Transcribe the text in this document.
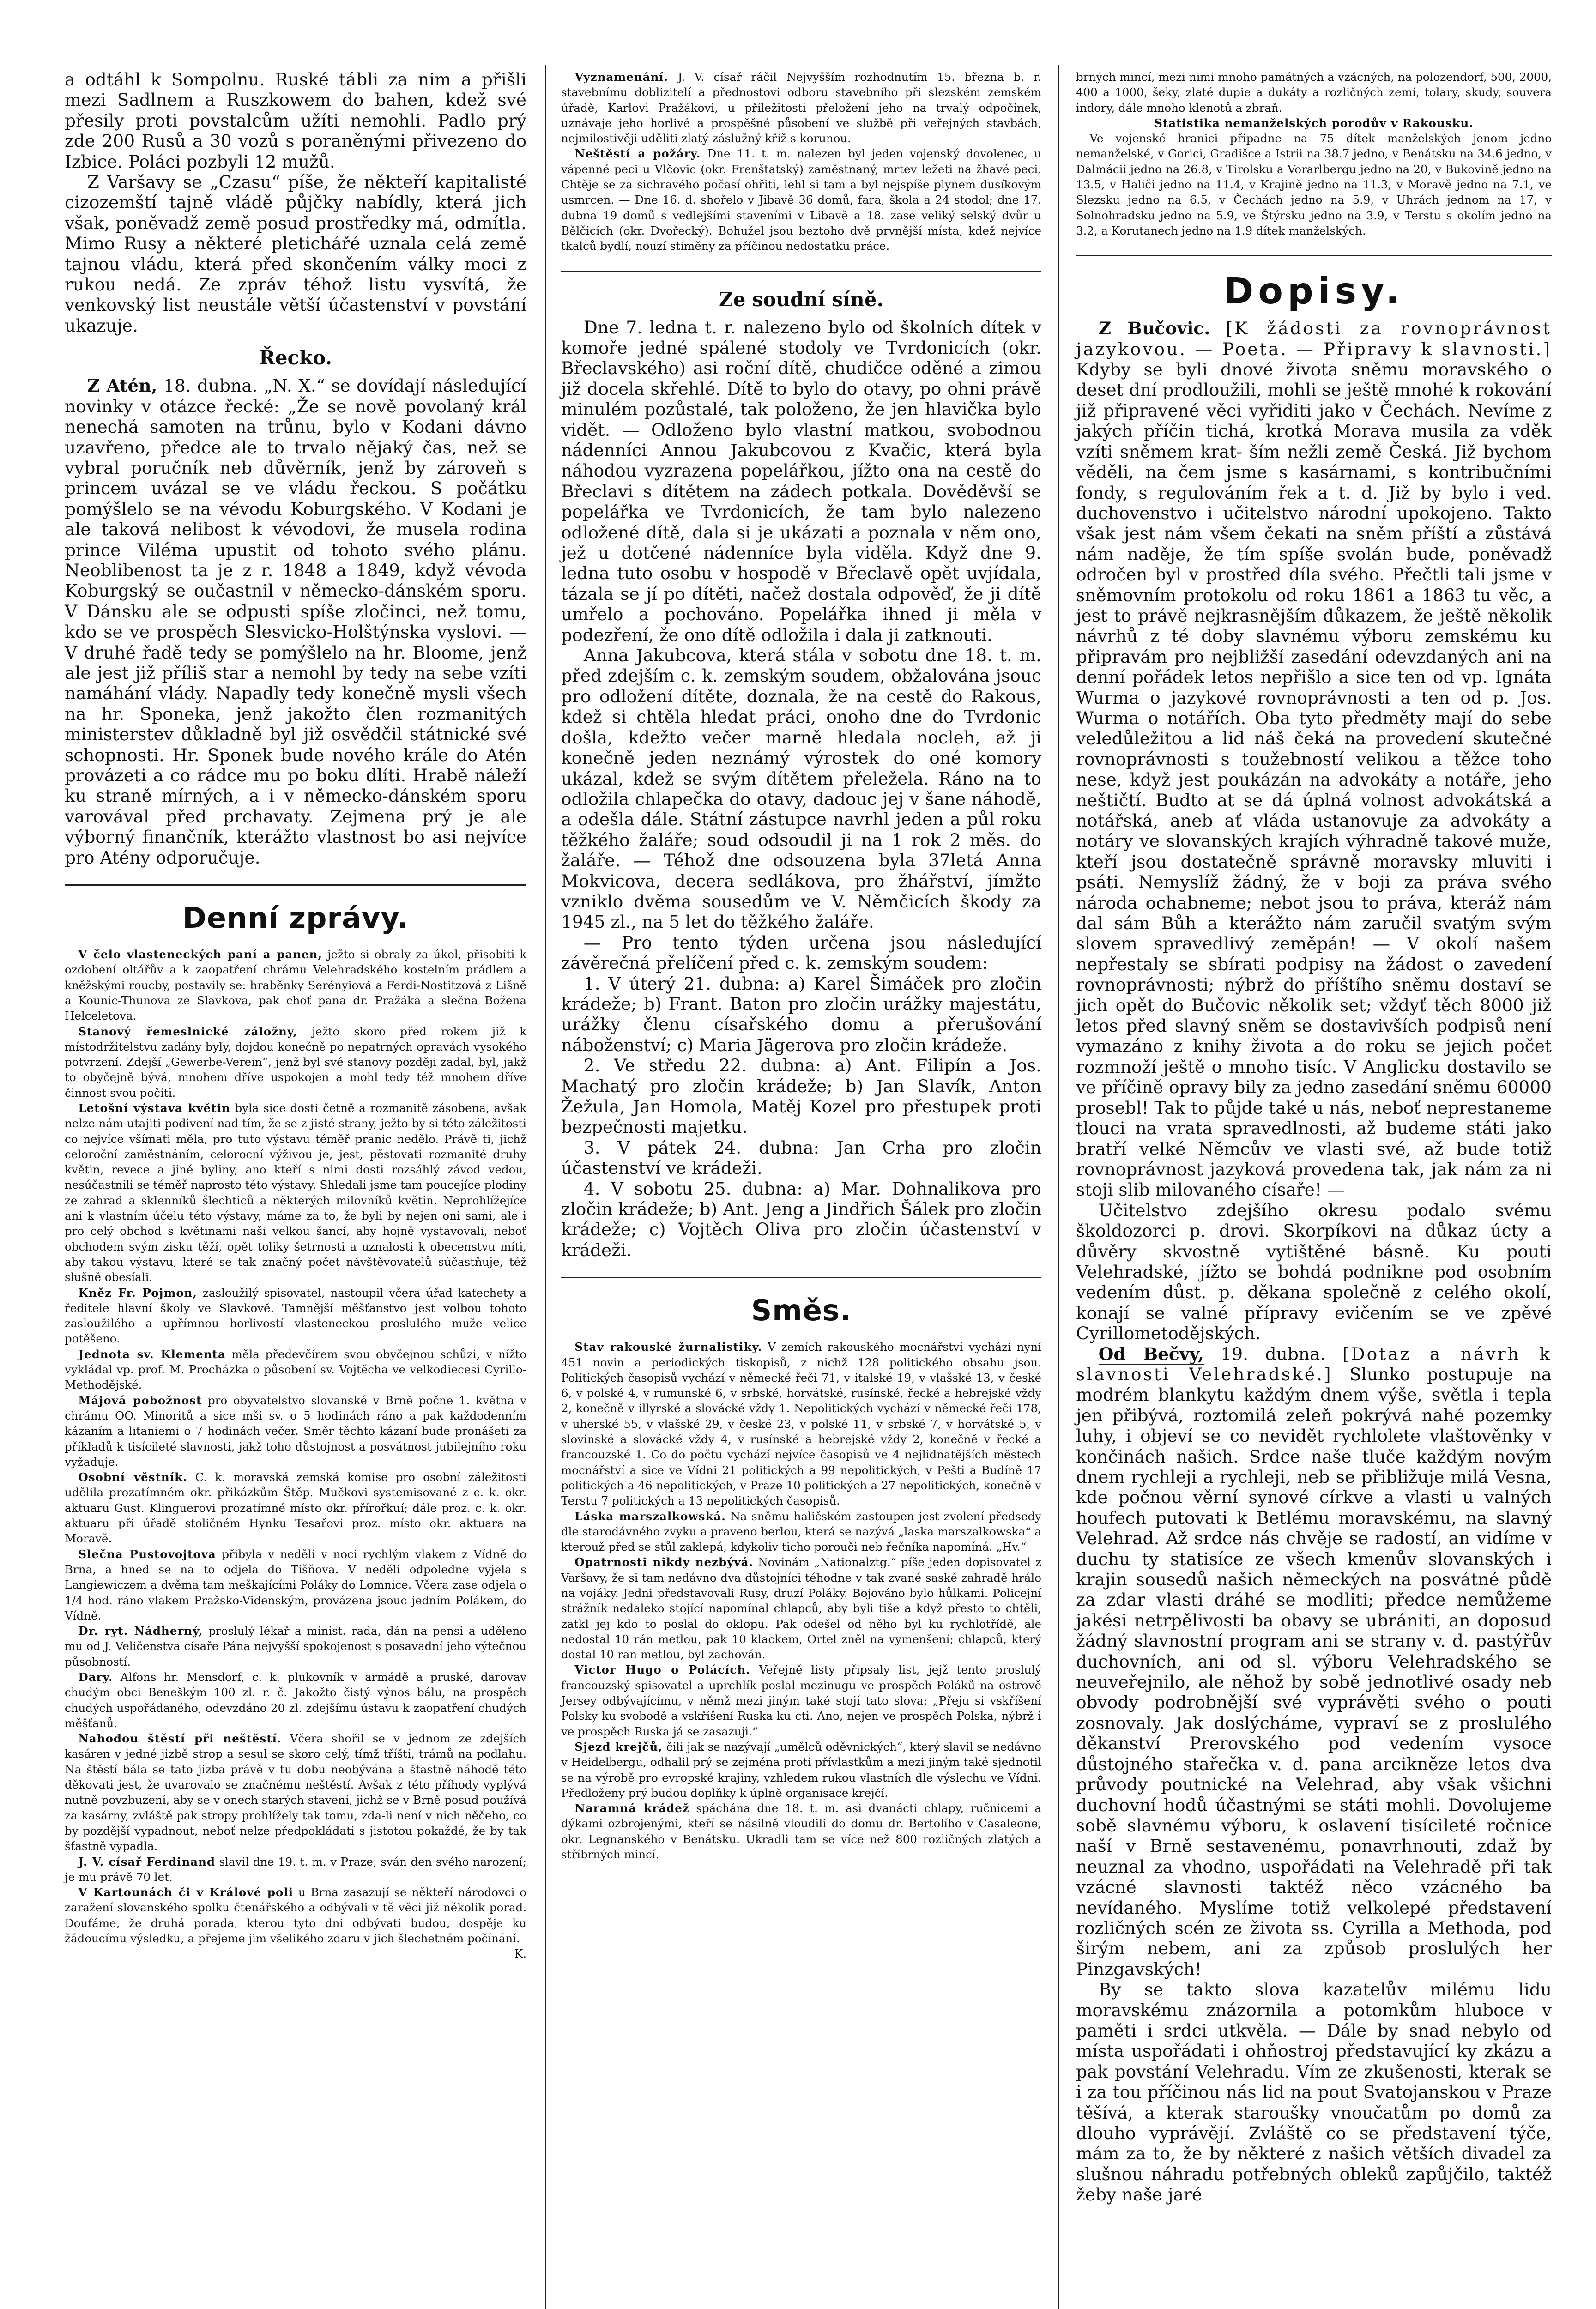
a odtáhl k Sompolnu. Ruské tábli za nim a přišli mezi Sadlnem a Ruszkowem do bahen, kdež své přesily proti povstalcům užíti nemohli. Padlo prý zde 200 Rusů a 30 vozů s poraněnými přivezeno do Izbice. Poláci pozbyli 12 mužů.

Z Varšavy se „Czasu“ píše, že někteří kapitalisté cizozemští tajně vládě půjčky nabídly, která jich však, poněvadž země posud prostředky má, odmítla. Mimo Rusy a některé pletichářé uznala celá země tajnou vládu, která před skončením války moci z rukou nedá. Ze zpráv téhož listu vysvítá, že venkovský list neustále větší účastenství v povstání ukazuje.

Řecko.

Z Atén, 18. dubna. „N. X.“ se dovídají následující novinky v otázce řecké: „Že se nově povolaný král nenechá samoten na trůnu, bylo v Kodani dávno uzavřeno, předce ale to trvalo nějaký čas, než se vybral poručník neb důvěrník, jenž by zároveň s princem uvázal se ve vládu řeckou. S počátku pomýšlelo se na vévodu Koburgského. V Kodani je ale taková nelibost k vévodovi, že musela rodina prince Viléma upustit od tohoto svého plánu. Neoblibenost ta je z r. 1848 a 1849, když vévoda Koburgský se oučastnil v německo-dánském sporu. V Dánsku ale se odpusti spíše zločinci, než tomu, kdo se ve prospěch Slesvicko-Holštýnska vyslovi. — V druhé řadě tedy se pomýšlelo na hr. Bloome, jenž ale jest již příliš star a nemohl by tedy na sebe vzíti namáhání vlády. Napadly tedy konečně mysli všech na hr. Sponeka, jenž jakožto člen rozmanitých ministerstev důkladně byl již osvědčil státnické své schopnosti. Hr. Sponek bude nového krále do Atén provázeti a co rádce mu po boku dlíti. Hrabě náleží ku straně mírných, a i v německo-dánském sporu varovával před prchavaty. Zejmena prý je ale výborný finančník, kterážto vlastnost bo asi nejvíce pro Atény odporučuje.

Denní zprávy.

V čelo vlasteneckých paní a panen, ježto si obraly za úkol, přisobiti k ozdobení oltářův a k zaopatření chrámu Velehradského kostelním prádlem a kněžskými roucby, postavily se: hraběnky Serényiová a Ferdi-Nostitzová z Lišně a Kounic-Thunova ze Slavkova, pak choť pana dr. Pražáka a slečna Božena Helceletova.

Stanový řemeslnické záložny, ježto skoro před rokem již k místodržitelstvu zadány byly, dojdou konečně po nepatrných opravách vysokého potvrzení. Zdejší „Gewerbe-Verein“, jenž byl své stanovy později zadal, byl, jakž to obyčejně bývá, mnohem dříve uspokojen a mohl tedy též mnohem dříve činnost svou počíti.

Letošní výstava květin byla sice dosti četně a rozmanitě zásobena, avšak nelze nám utajiti podivení nad tím, že se z jisté strany, ježto by si této záležitosti co nejvíce všímati měla, pro tuto výstavu téměř pranic nedělo. Právě ti, jichž celoroční zaměstnáním, celorocní výživou je, jest, pěstovati rozmanité druhy květin, revece a jiné byliny, ano kteří s nimi dosti rozsáhlý závod vedou, nesúčastnili se téměř naprosto této výstavy. Shledali jsme tam poucejíce plodiny ze zahrad a sklenníků šlechticů a některých milovníků květin. Neprohlížejíce ani k vlastním účelu této výstavy, máme za to, že byli by nejen oni sami, ale i pro celý obchod s květinami naši velkou šancí, aby hojně vystavovali, neboť obchodem svým zisku těží, opět toliky šetrnosti a uznalosti k obecenstvu míti, aby takou výstavu, které se tak značný počet návštěvovatelů súčastňuje, též slušně obesíali.

Kněz Fr. Pojmon, zasloužilý spisovatel, nastoupil včera úřad katechety a ředitele hlavní školy ve Slavkově. Tamnější měšťanstvo jest volbou tohoto zasloužilého a upřímnou horlivostí vlasteneckou proslulého muže velice potěšeno.

Jednota sv. Klementa měla předevčírem svou obyčejnou schůzi, v nížto vykládal vp. prof. M. Procházka o působení sv. Vojtěcha ve velkodiecesi Cyrillo-Methodějské.

Májová pobožnost pro obyvatelstvo slovanské v Brně počne 1. května v chrámu OO. Minoritů a sice mši sv. o 5 hodinách ráno a pak každodenním kázaním a litaniemi o 7 hodinách večer. Směr těchto kázaní bude pronášeti za příkladů k tisícileté slavnosti, jakž toho důstojnost a posvátnost jubilejního roku vyžaduje.

Osobní věstník. C. k. moravská zemská komise pro osobní záležitosti udělila prozatímném okr. přikázkům Štěp. Mučkovi systemisované z c. k. okr. aktuaru Gust. Klinguerovi prozatímné místo okr. přírořkuí; dále proz. c. k. okr. aktuaru při úřadě stoličném Hynku Tesařovi proz. místo okr. aktuara na Moravě.

Slečna Pustovojtova přibyla v neděli v noci rychlým vlakem z Vídně do Brna, a hned se na to odjela do Tišňova. V neděli odpoledne vyjela s Langiewiczem a dvěma tam meškajícími Poláky do Lomnice. Včera zase odjela o 1/4 hod. ráno vlakem Pražsko-Videnským, provázena jsouc jedním Polákem, do Vídně.

Dr. ryt. Nádherný, proslulý lékař a minist. rada, dán na pensi a uděleno mu od J. Veličenstva císaře Pána nejvyšší spokojenost s posavadní jeho výtečnou působností.

Dary. Alfons hr. Mensdorf, c. k. plukovník v armádě a pruské, darovav chudým obci Beneškým 100 zl. r. č. Jakožto čistý výnos bálu, na prospěch chudých uspořádaného, odevzdáno 20 zl. zdejšímu ústavu k zaopatření chudých měšťanů.

Nahodou štěstí při neštěstí. Včera shořil se v jednom ze zdejších kasáren v jedné jizbě strop a sesul se skoro celý, tímž tříšti, trámů na podlahu. Na štěstí bála se tato jizba právě v tu dobu neobývána a štastně náhodě této děkovati jest, že uvarovalo se značnému neštěstí. Avšak z této příhody vyplývá nutně povzbuzení, aby se v onech starých stavení, jichž se v Brně posud používá za kasárny, zvláště pak stropy prohlížely tak tomu, zda-li není v nich něčeho, co by pozdější vypadnout, neboť nelze předpokládati s jistotou pokaždé, že by tak šťastně vypadla.

J. V. císař Ferdinand slavil dne 19. t. m. v Praze, sván den svého narození; je mu právě 70 let.

V Kartounách či v Králové poli u Brna zasazují se někteří národovci o zaražení slovanského spolku čtenářského a odbývali v tě věci již několik porad. Doufáme, že druhá porada, kterou tyto dni odbývati budou, dospěje ku žádoucímu výsledku, a přejeme jim všelikého zdaru v jich šlechetném počínání.

K.

Vyznamenání. J. V. císař ráčil Nejvyšším rozhodnutím 15. března b. r. stavebnímu doblizitelí a přednostovi odboru stavebního při slezském zemském úřadě, Karlovi Pražákovi, u příležitosti přeložení jeho na trvalý odpočinek, uznávaje jeho horlivé a prospěšné působení ve službě při veřejných stavbách, nejmilostivěji uděliti zlatý záslužný kříž s korunou.

Neštěstí a požáry. Dne 11. t. m. nalezen byl jeden vojenský dovolenec, u vápenné peci u Vlčovic (okr. Frenštatský) zaměstnaný, mrtev ležeti na žhavé peci. Chtěje se za sichravého počasí ohřiti, lehl si tam a byl nejspíše plynem dusíkovým usmrcen. — Dne 16. d. shořelo v Jibavě 36 domů, fara, škola a 24 stodol; dne 17. dubna 19 domů s vedlejšími staveními v Libavě a 18. zase veliký selský dvůr u Bělčicích (okr. Dvořecký). Bohužel jsou beztoho dvě prvnější místa, kdež nejvíce tkalců bydlí, nouzí stíměny za příčinou nedostatku práce.

Ze soudní síně.

Dne 7. ledna t. r. nalezeno bylo od školních dítek v komoře jedné spálené stodoly ve Tvrdonicích (okr. Břeclavského) asi roční dítě, chudičce oděné a zimou již docela skřehlé. Dítě to bylo do otavy, po ohni právě minulém pozůstalé, tak položeno, že jen hlavička bylo vidět. — Odloženo bylo vlastní matkou, svobodnou nádenníci Annou Jakubcovou z Kvačic, která byla náhodou vyzrazena popelářkou, jížto ona na cestě do Břeclavi s dítětem na zádech potkala. Dověděvší se popelářka ve Tvrdonicích, že tam bylo nalezeno odložené dítě, dala si je ukázati a poznala v něm ono, jež u dotčené nádenníce byla viděla. Když dne 9. ledna tuto osobu v hospodě v Břeclavě opět uvjídala, tázala se jí po dítěti, načež dostala odpověď, že ji dítě umřelo a pochováno. Popelářka ihned ji měla v podezření, že ono dítě odložila i dala ji zatknouti.

Anna Jakubcova, která stála v sobotu dne 18. t. m. před zdejším c. k. zemským soudem, obžalována jsouc pro odložení dítěte, doznala, že na cestě do Rakous, kdež si chtěla hledat práci, onoho dne do Tvrdonic došla, kdežto večer marně hledala nocleh, až ji konečně jeden neznámý výrostek do oné komory ukázal, kdež se svým dítětem přeležela. Ráno na to odložila chlapečka do otavy, dadouc jej v šane náhodě, a odešla dále. Státní zástupce navrhl jeden a půl roku těžkého žaláře; soud odsoudil ji na 1 rok 2 měs. do žaláře. — Téhož dne odsouzena byla 37letá Anna Mokvicova, decera sedlákova, pro žhářství, jímžto vzniklo dvěma sousedům ve V. Němčicích škody za 1945 zl., na 5 let do těžkého žaláře.

— Pro tento týden určena jsou následující závěrečná přelíčení před c. k. zemským soudem:

1. V úterý 21. dubna: a) Karel Šimáček pro zločin krádeže; b) Frant. Baton pro zločin urážky majestátu, urážky členu císařského domu a přerušování náboženství; c) Maria Jägerova pro zločin krádeže.

2. Ve středu 22. dubna: a) Ant. Filipín a Jos. Machatý pro zločin krádeže; b) Jan Slavík, Anton Žežula, Jan Homola, Matěj Kozel pro přestupek proti bezpečnosti majetku.

3. V pátek 24. dubna: Jan Crha pro zločin účastenství ve krádeži.

4. V sobotu 25. dubna: a) Mar. Dohnalikova pro zločin krádeže; b) Ant. Jeng a Jindřich Šálek pro zločin krádeže; c) Vojtěch Oliva pro zločin účastenství v krádeži.

Směs.

Stav rakouské žurnalistiky. V zemích rakouského mocnářství vychází nyní 451 novin a periodických tiskopisů, z nichž 128 politického obsahu jsou. Politických časopisů vychází v německé řeči 71, v italské 19, v vlašské 13, v české 6, v polské 4, v rumunské 6, v srbské, horvátské, rusínské, řecké a hebrejské vždy 2, konečně v illyrské a slovácké vždy 1. Nepolitických vychází v německé řeči 178, v uherské 55, v vlašské 29, v české 23, v polské 11, v srbské 7, v horvátské 5, v slovinské a slovácké vždy 4, v rusínské a hebrejské vždy 2, konečně v řecké a francouzské 1. Co do počtu vychází nejvíce časopisů ve 4 nejlidnatějších městech mocnářství a sice ve Vídni 21 politických a 99 nepolitických, v Pešti a Budíně 17 politických a 46 nepolitických, v Praze 10 politických a 27 nepolitických, konečně v Terstu 7 politických a 13 nepolitických časopisů.

Láska marszalkowská. Na sněmu haličském zastoupen jest zvolení předsedy dle starodávného zvyku a praveno berlou, která se nazývá „laska marszalkowska“ a kterouž před se stůl zaklepá, kdykoliv ticho porouči neb řečníka napomíná. „Hv.“

Opatrnosti nikdy nezbývá. Novinám „Nationalztg.“ píše jeden dopisovatel z Varšavy, že si tam nedávno dva důstojníci téhodne v tak zvané saské zahradě hrálo na vojáky. Jedni představovali Rusy, druzí Poláky. Bojováno bylo hůlkami. Policejní strážník nedaleko stojící napomínal chlapců, aby byli tiše a když přesto to chtěli, zatkl jej kdo to poslal do oklopu. Pak odešel od něho byl ku rychlotřídě, ale nedostal 10 rán metlou, pak 10 klackem, Ortel zněl na vymenšení; chlapců, který dostal 10 ran metlou, byl zachován.

Victor Hugo o Polácích. Veřejně listy připsaly list, jejž tento proslulý francouzský spisovatel a uprchlík poslal mezinugu ve prospěch Poláků na ostrově Jersey odbývajícímu, v němž mezi jiným také stojí tato slova: „Přeju si vskříšení Polsky ku svobodě a vskříšení Ruska ku cti. Ano, nejen ve prospěch Polska, nýbrž i ve prospěch Ruska já se zasazuji.“

Sjezd krejčů, čili jak se nazývají „umělců oděvnických“, který slavil se nedávno v Heidelbergu, odhalil prý se zejména proti přívlastkům a mezi jiným také sjednotil se na výrobě pro evropské krajiny, vzhledem rukou vlastních dle výslechu ve Vídni. Předloženy prý budou doplňky k úplně organisace krejčí.

Naramná krádež spáchána dne 18. t. m. asi dvanácti chlapy, ručnicemi a dýkami ozbrojenými, kteří se násilně vloudili do domu dr. Bertolího v Casaleone, okr. Legnanského v Benátsku. Ukradli tam se více než 800 rozličných zlatých a stříbrných mincí.

brných mincí, mezi nimi mnoho památných a vzácných, na polozendorf, 500, 2000, 400 a 1000, šeky, zlaté dupie a dukáty a rozličných zemí, tolary, skudy, souvera indory, dále mnoho klenotů a zbraň.

Statistika nemanželských porodův v Rakousku.

Ve vojenské hranici připadne na 75 dítek manželských jenom jedno nemanželské, v Gorici, Gradišce a Istrii na 38.7 jedno, v Benátsku na 34.6 jedno, v Dalmácii jedno na 26.8, v Tirolsku a Vorarlbergu jedno na 20, v Bukovině jedno na 13.5, v Haliči jedno na 11.4, v Krajině jedno na 11.3, v Moravě jedno na 7.1, ve Slezsku jedno na 6.5, v Čechách jedno na 5.9, v Uhrách jednom na 17, v Solnohradsku jedno na 5.9, ve Štýrsku jedno na 3.9, v Terstu s okolím jedno na 3.2, a Korutanech jedno na 1.9 dítek manželských.

Dopisy.

Z Bučovic. [K žádosti za rovnoprávnost jazykovou. — Poeta. — Připravy k slavnosti.] Kdyby se byli dnové života sněmu moravského o deset dní prodloužili, mohli se ještě mnohé k rokování již připravené věci vyřiditi jako v Čechách. Nevíme z jakých příčin tichá, krotká Morava musila za vděk vzíti sněmem krat- ším nežli země Česká. Již bychom věděli, na čem jsme s kasárnami, s kontribučními fondy, s regulováním řek a t. d. Již by bylo i ved. duchovenstvo i učitelstvo národní upokojeno. Takto však jest nám všem čekati na sněm příští a zůstává nám naděje, že tím spíše svolán bude, poněvadž odročen byl v prostřed díla svého. Přečtli tali jsme v sněmovním protokolu od roku 1861 a 1863 tu věc, a jest to právě nejkrasnějším důkazem, že ještě několik návrhů z té doby slavnému výboru zemskému ku připravám pro nejbližší zasedání odevzdaných ani na denní pořádek letos nepřišlo a sice ten od vp. Ignáta Wurma o jazykové rovnoprávnosti a ten od p. Jos. Wurma o notářích. Oba tyto předměty mají do sebe veledůležitou a lid náš čeká na provedení skutečné rovnoprávnosti s toužebností velikou a těžce toho nese, když jest poukázán na advokáty a notáře, jeho neštičtí. Budto at se dá úplná volnost advokátská a notářská, aneb ať vláda ustanovuje za advokáty a notáry ve slovanských krajích výhradně takové muže, kteří jsou dostatečně správně moravsky mluviti i psáti. Nemyslíž žádný, že v boji za práva svého národa ochabneme; nebot jsou to práva, kteráž nám dal sám Bůh a kterážto nám zaručil svatým svým slovem spravedlivý zeměpán! — V okolí našem nepřestaly se sbírati podpisy na žádost o zavedení rovnoprávnosti; nýbrž do příštího sněmu dostaví se jich opět do Bučovic několik set; vždyť těch 8000 již letos před slavný sněm se dostavivších podpisů není vymazáno z knihy života a do roku se jejich počet rozmnoží ještě o mnoho tisíc. V Anglicku dostavilo se ve příčině opravy bily za jedno zasedání sněmu 60000 prosebl! Tak to půjde také u nás, neboť neprestaneme tlouci na vrata spravedlnosti, až budeme státi jako bratří velké Němcův ve vlasti své, až bude totiž rovnoprávnost jazyková provedena tak, jak nám za ni stoji slib milovaného císaře! —

Učitelstvo zdejšího okresu podalo svému školdozorci p. drovi. Skorpíkovi na důkaz úcty a důvěry skvostně vytištěné básně. Ku pouti Velehradské, jížto se bohdá podnikne pod osobním vedením důst. p. děkana společně z celého okolí, konají se valné přípravy evičením se ve zpěvé Cyrillometodějských.

Od Bečvy, 19. dubna. [Dotaz a návrh k slavnosti Velehradské.] Slunko postupuje na modrém blankytu každým dnem výše, světla i tepla jen přibývá, roztomilá zeleň pokrývá nahé pozemky luhy, i objeví se co nevidět rychlolete vlaštověnky v končinách našich. Srdce naše tluče každým novým dnem rychleji a rychleji, neb se přibližuje milá Vesna, kde počnou věrní synové církve a vlasti u valných houfech putovati k Betlému moravskému, na slavný Velehrad. Až srdce nás chvěje se radostí, an vidíme v duchu ty statisíce ze všech kmenův slovanských i krajin sousedů našich německých na posvátné půdě za zdar vlasti dráhé se modliti; předce nemůžeme jakési netrpělivosti ba obavy se ubrániti, an doposud žádný slavnostní program ani se strany v. d. pastýřův duchovních, ani od sl. výboru Velehradského se neuveřejnilo, ale něhož by sobě jednotlivé osady neb obvody podrobnější své vyprávěti svého o pouti zosnovaly. Jak doslýcháme, vypraví se z proslulého děkanství Prerovského pod vedením vysoce důstojného stařečka v. d. pana arcikněze letos dva průvody poutnické na Velehrad, aby však všichni duchovní hodů účastnými se státi mohli. Dovolujeme sobě slavnému výboru, k oslavení tisícileté ročnice naší v Brně sestavenému, ponavrhnouti, zdaž by neuznal za vhodno, uspořádati na Velehradě při tak vzácné slavnosti taktéž něco vzácného ba nevídaného. Myslíme totiž velkolepé představení rozličných scén ze života ss. Cyrilla a Methoda, pod širým nebem, ani za způsob proslulých her Pinzgavských!

By se takto slova kazatelův milému lidu moravskému znázornila a potomkům hluboce v paměti i srdci utkvěla. — Dále by snad nebylo od místa uspořádati i ohňostroj představující ky zkázu a pak povstání Velehradu. Vím ze zkušenosti, kterak se i za tou příčinou nás lid na pout Svatojanskou v Praze těšívá, a kterak staroušky vnoučatům po domů za dlouho vyprávějí. Zvláště co se představení týče, mám za to, že by některé z našich větších divadel za slušnou náhradu potřebných obleků zapůjčilo, taktéž žeby naše jaré
